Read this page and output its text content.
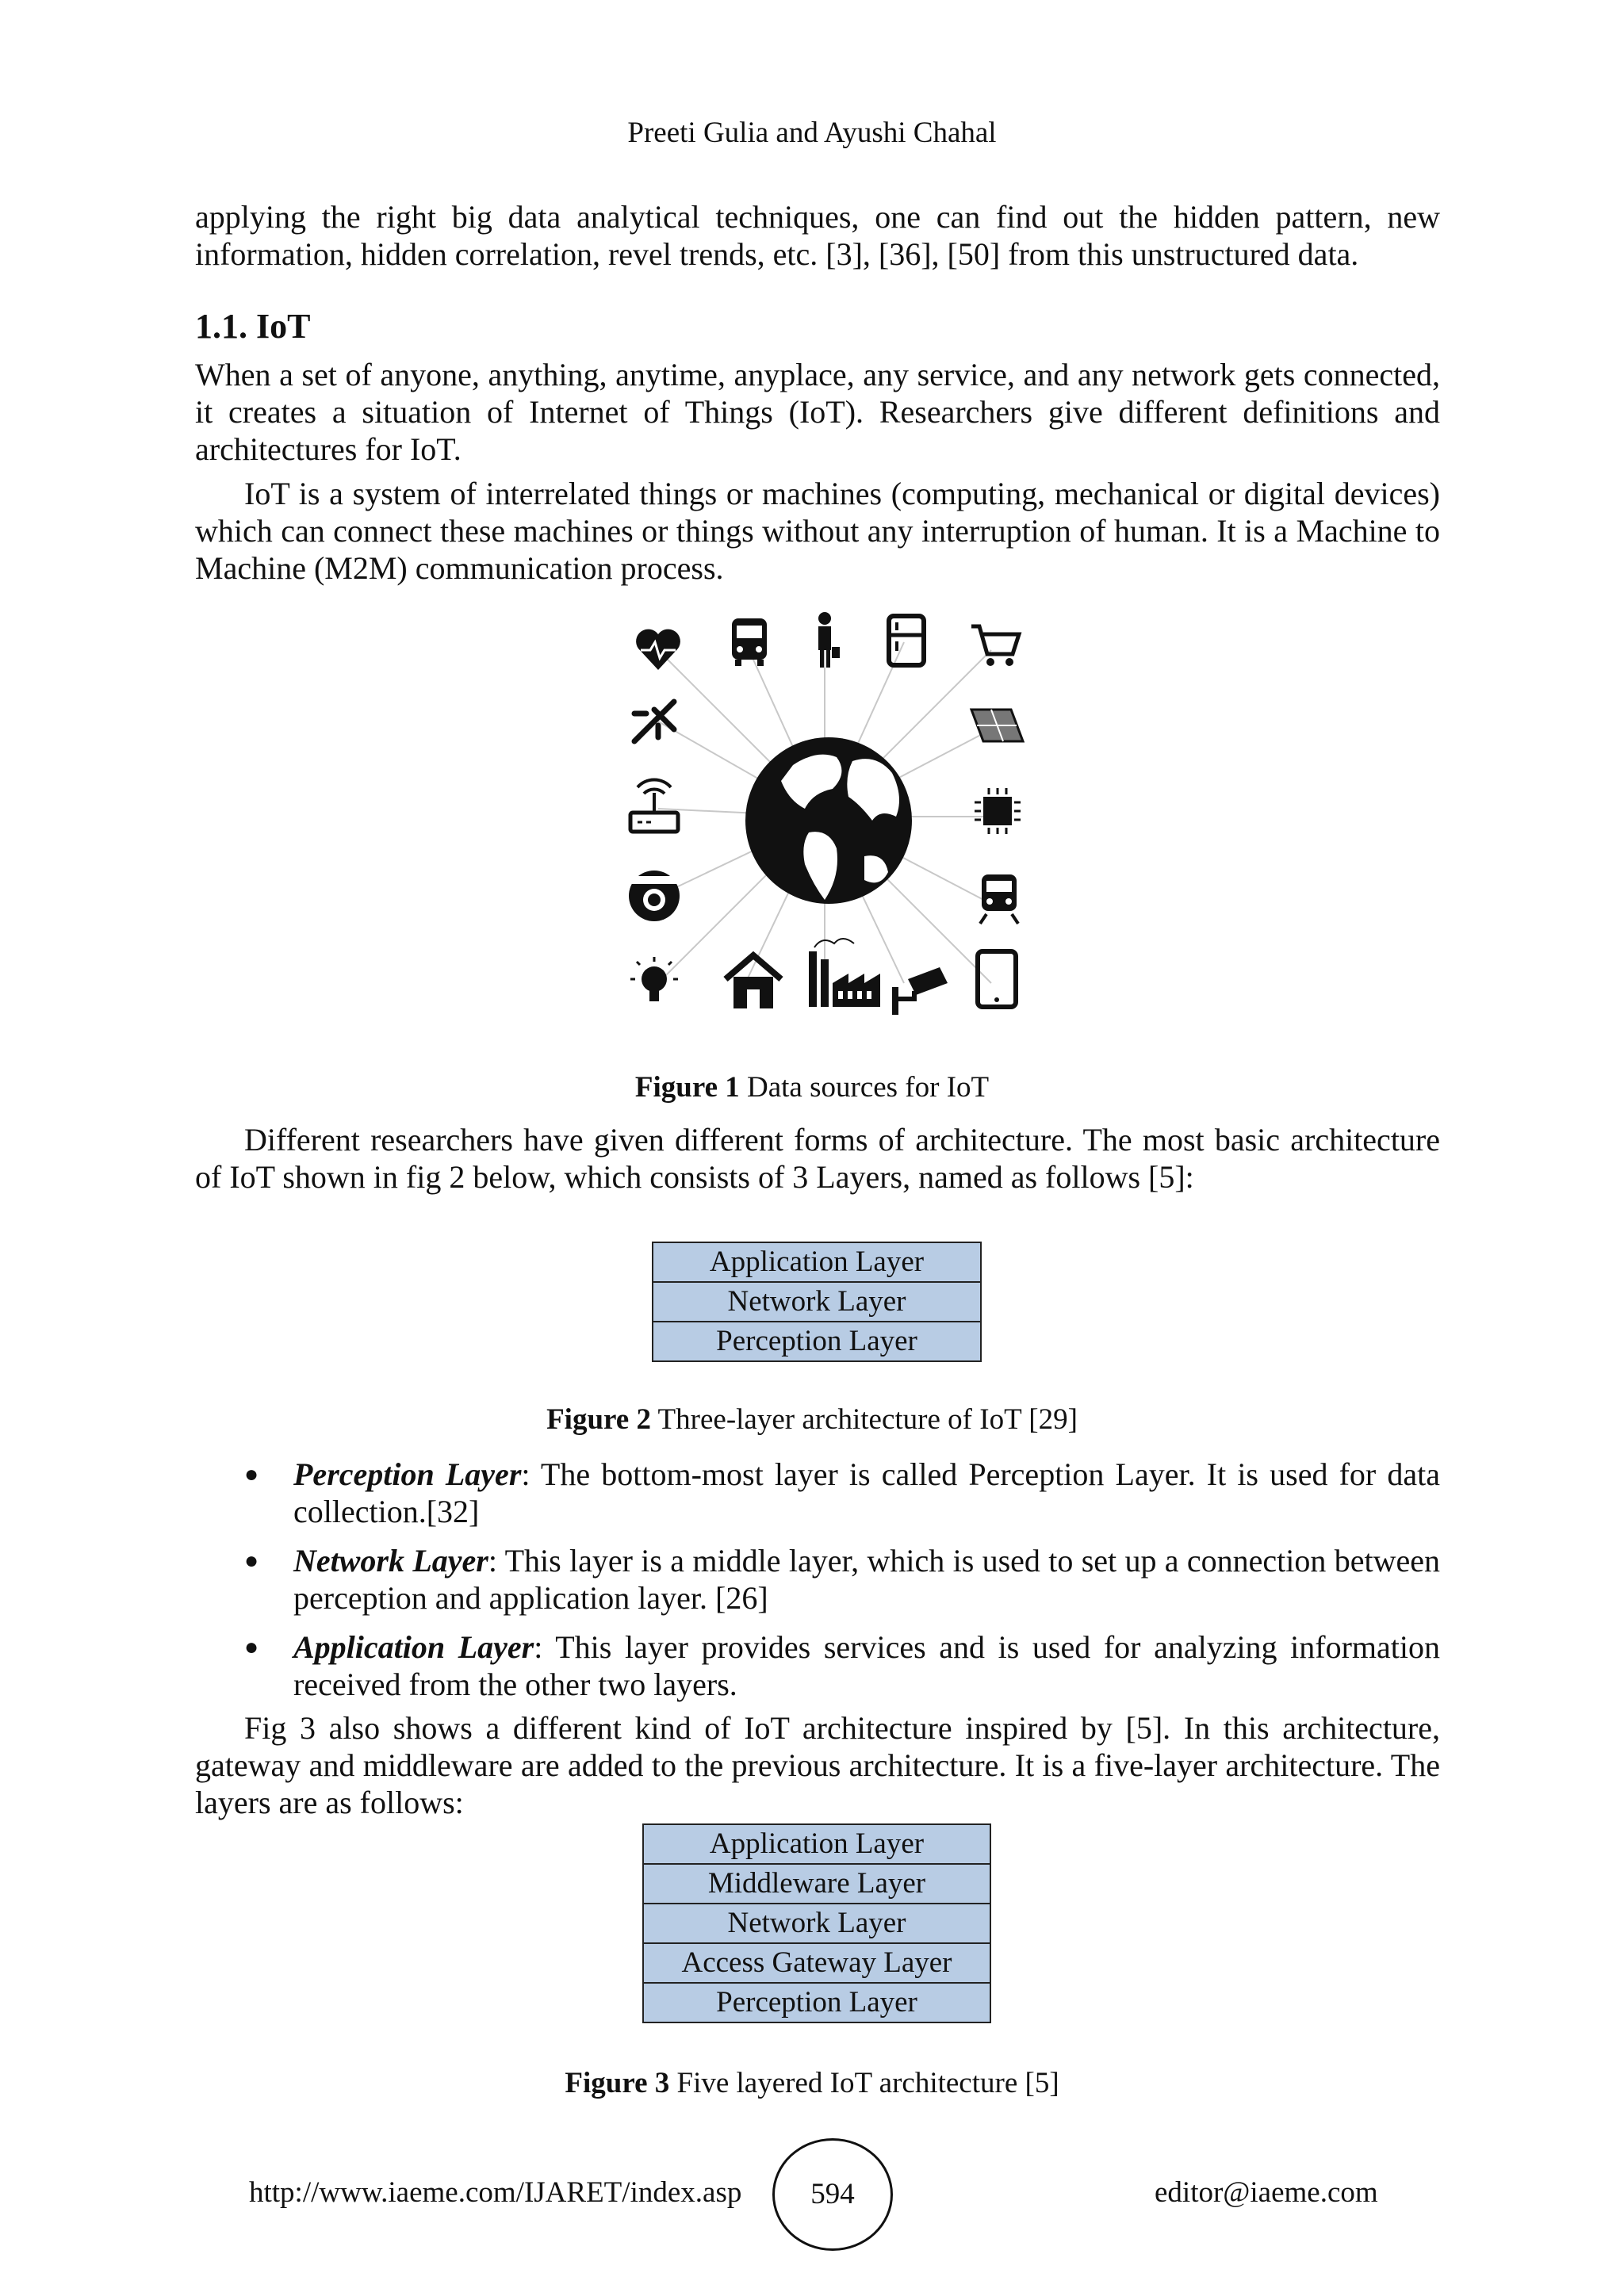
Preeti Gulia and Ayushi Chahal

applying the right big data analytical techniques, one can find out the hidden pattern, new information, hidden correlation, revel trends, etc. [3], [36], [50] from this unstructured data.

1.1. IoT

When a set of anyone, anything, anytime, anyplace, any service, and any network gets connected, it creates a situation of Internet of Things (IoT). Researchers give different definitions and architectures for IoT.

IoT is a system of interrelated things or machines (computing, mechanical or digital devices) which can connect these machines or things without any interruption of human. It is a Machine to Machine (M2M) communication process.

Figure 1 Data sources for IoT

Different researchers have given different forms of architecture. The most basic architecture of IoT shown in fig 2 below, which consists of 3 Layers, named as follows [5]:

Application Layer
Network Layer
Perception Layer
Figure 2 Three-layer architecture of IoT [29]
● Perception Layer: The bottom-most layer is called Perception Layer. It is used for data collection.[32]
● Network Layer: This layer is a middle layer, which is used to set up a connection between perception and application layer. [26]
● Application Layer: This layer provides services and is used for analyzing information received from the other two layers.

Fig 3 also shows a different kind of IoT architecture inspired by [5]. In this architecture, gateway and middleware are added to the previous architecture. It is a five-layer architecture. The layers are as follows:

Application Layer
Middleware Layer
Network Layer
Access Gateway Layer
Perception Layer
Figure 3 Five layered IoT architecture [5]
http://www.iaeme.com/IJARET/index.asp	594	editor@iaeme.com
